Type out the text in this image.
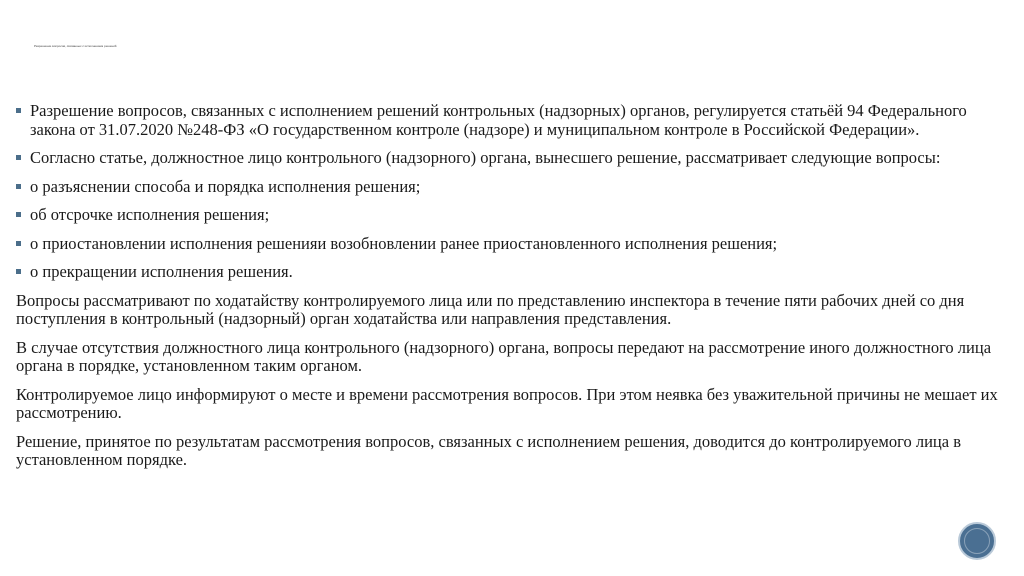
Разрешение вопросов, связанных с исполнением решений
Разрешение вопросов, связанных с исполнением решений контрольных (надзорных) органов, регулируется статьёй 94 Федерального закона от 31.07.2020 №248-ФЗ «О государственном контроле (надзоре) и муниципальном контроле в Российской Федерации».
Согласно статье, должностное лицо контрольного (надзорного) органа, вынесшего решение, рассматривает следующие вопросы:
о разъяснении способа и порядка исполнения решения;
об отсрочке исполнения решения;
о приостановлении исполнения решенияи возобновлении ранее приостановленного исполнения решения;
о прекращении исполнения решения.
Вопросы рассматривают по ходатайству контролируемого лица или по представлению инспектора в течение пяти рабочих дней со дня поступления в контрольный (надзорный) орган ходатайства или направления представления.
В случае отсутствия должностного лица контрольного (надзорного) органа, вопросы передают на рассмотрение иного должностного лица органа в порядке, установленном таким органом.
Контролируемое лицо информируют о месте и времени рассмотрения вопросов. При этом неявка без уважительной причины не мешает их рассмотрению.
Решение, принятое по результатам рассмотрения вопросов, связанных с исполнением решения, доводится до контролируемого лица в установленном порядке.
